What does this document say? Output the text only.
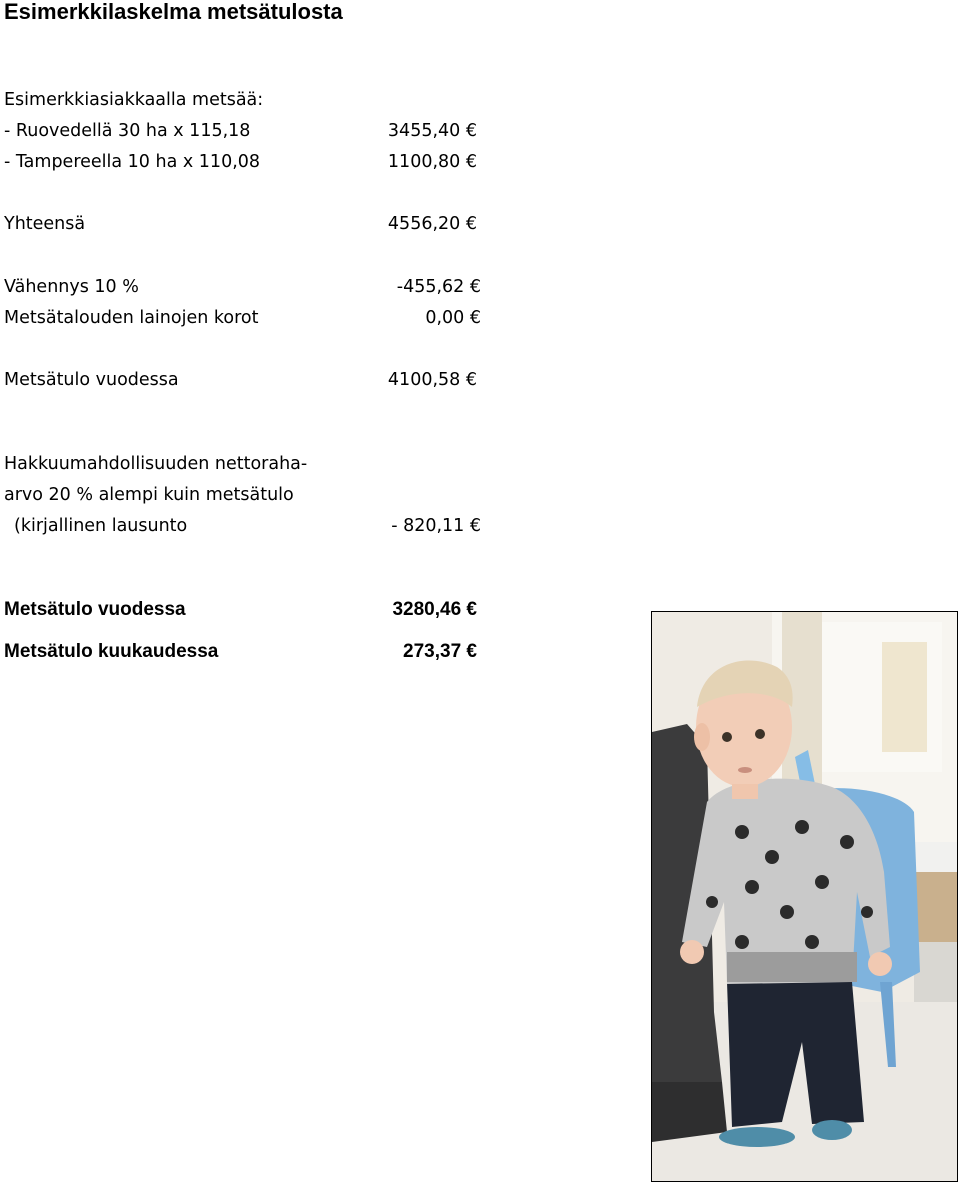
Esimerkkilaskelma metsätulosta
Esimerkkiasiakkaalla metsää:
- Ruovedellä 30 ha x 115,18	3455,40 €
- Tampereella 10 ha x 110,08	1100,80 €
Yhteensä	4556,20 €
Vähennys 10 %	-455,62 €
Metsätalouden lainojen korot	0,00 €
Metsätulo vuodessa	4100,58 €
Hakkuumahdollisuuden nettoraha-
arvo 20 % alempi kuin metsätulo
(kirjallinen lausunto	- 820,11 €
Metsätulo vuodessa	3280,46 €
Metsätulo kuukaudessa	273,37 €
